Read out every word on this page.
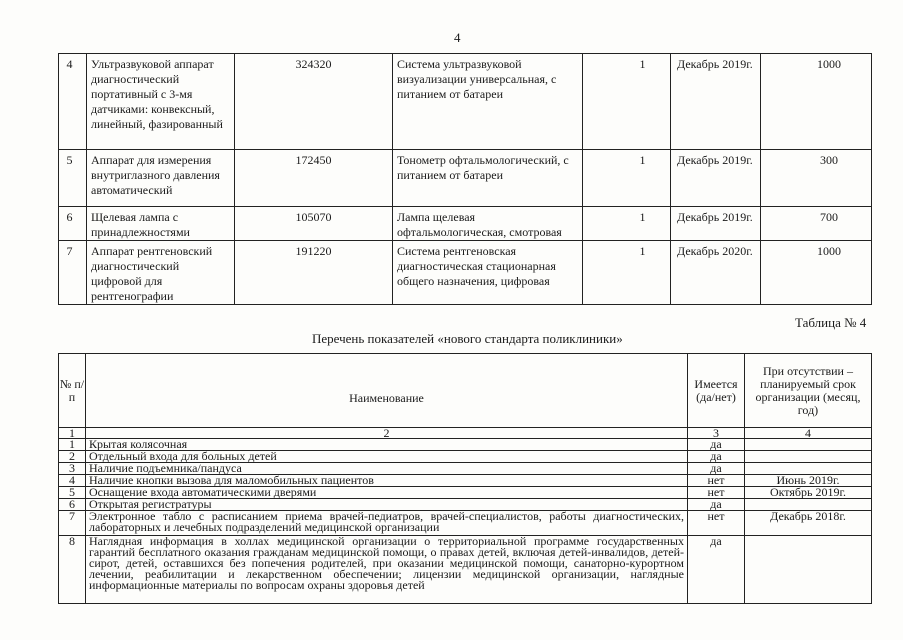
4
4	Ультразвуковой аппарат диагностический портативный с 3-мя датчиками: конвексный, линейный, фазированный	324320	Система ультразвуковой визуализации универсальная, с питанием от батареи	1	Декабрь 2019г.	1000
5	Аппарат для измерения внутриглазного давления автоматический	172450	Тонометр офтальмологический, с питанием от батареи	1	Декабрь 2019г.	300
6	Щелевая лампа с принадлежностями	105070	Лампа щелевая офтальмологическая, смотровая	1	Декабрь 2019г.	700
7	Аппарат рентгеновский диагностический цифровой для рентгенографии	191220	Система рентгеновская диагностическая стационарная общего назначения, цифровая	1	Декабрь 2020г.	1000
Таблица № 4
Перечень показателей «нового стандарта поликлиники»
№ п/п	Наименование	Имеется (да/нет)	При отсутствии – планируемый срок организации (месяц, год)
1	2	3	4
1	Крытая колясочная	да	
2	Отдельный входа для больных детей	да	
3	Наличие подъемника/пандуса	да	
4	Наличие кнопки вызова для маломобильных пациентов	нет	Июнь 2019г.
5	Оснащение входа автоматическими дверями	нет	Октябрь 2019г.
6	Открытая регистратуры	да	
7	Электронное табло с расписанием приема врачей-педиатров, врачей-специалистов, работы диагностических, лабораторных и лечебных подразделений медицинской организации	нет	Декабрь 2018г.
8	Наглядная информация в холлах медицинской организации о территориальной программе государственных гарантий бесплатного оказания гражданам медицинской помощи, о правах детей, включая детей-инвалидов, детей-сирот, детей, оставшихся без попечения родителей, при оказании медицинской помощи, санаторно-курортном лечении, реабилитации и лекарственном обеспечении; лицензии медицинской организации, наглядные информационные материалы по вопросам охраны здоровья детей	да	
